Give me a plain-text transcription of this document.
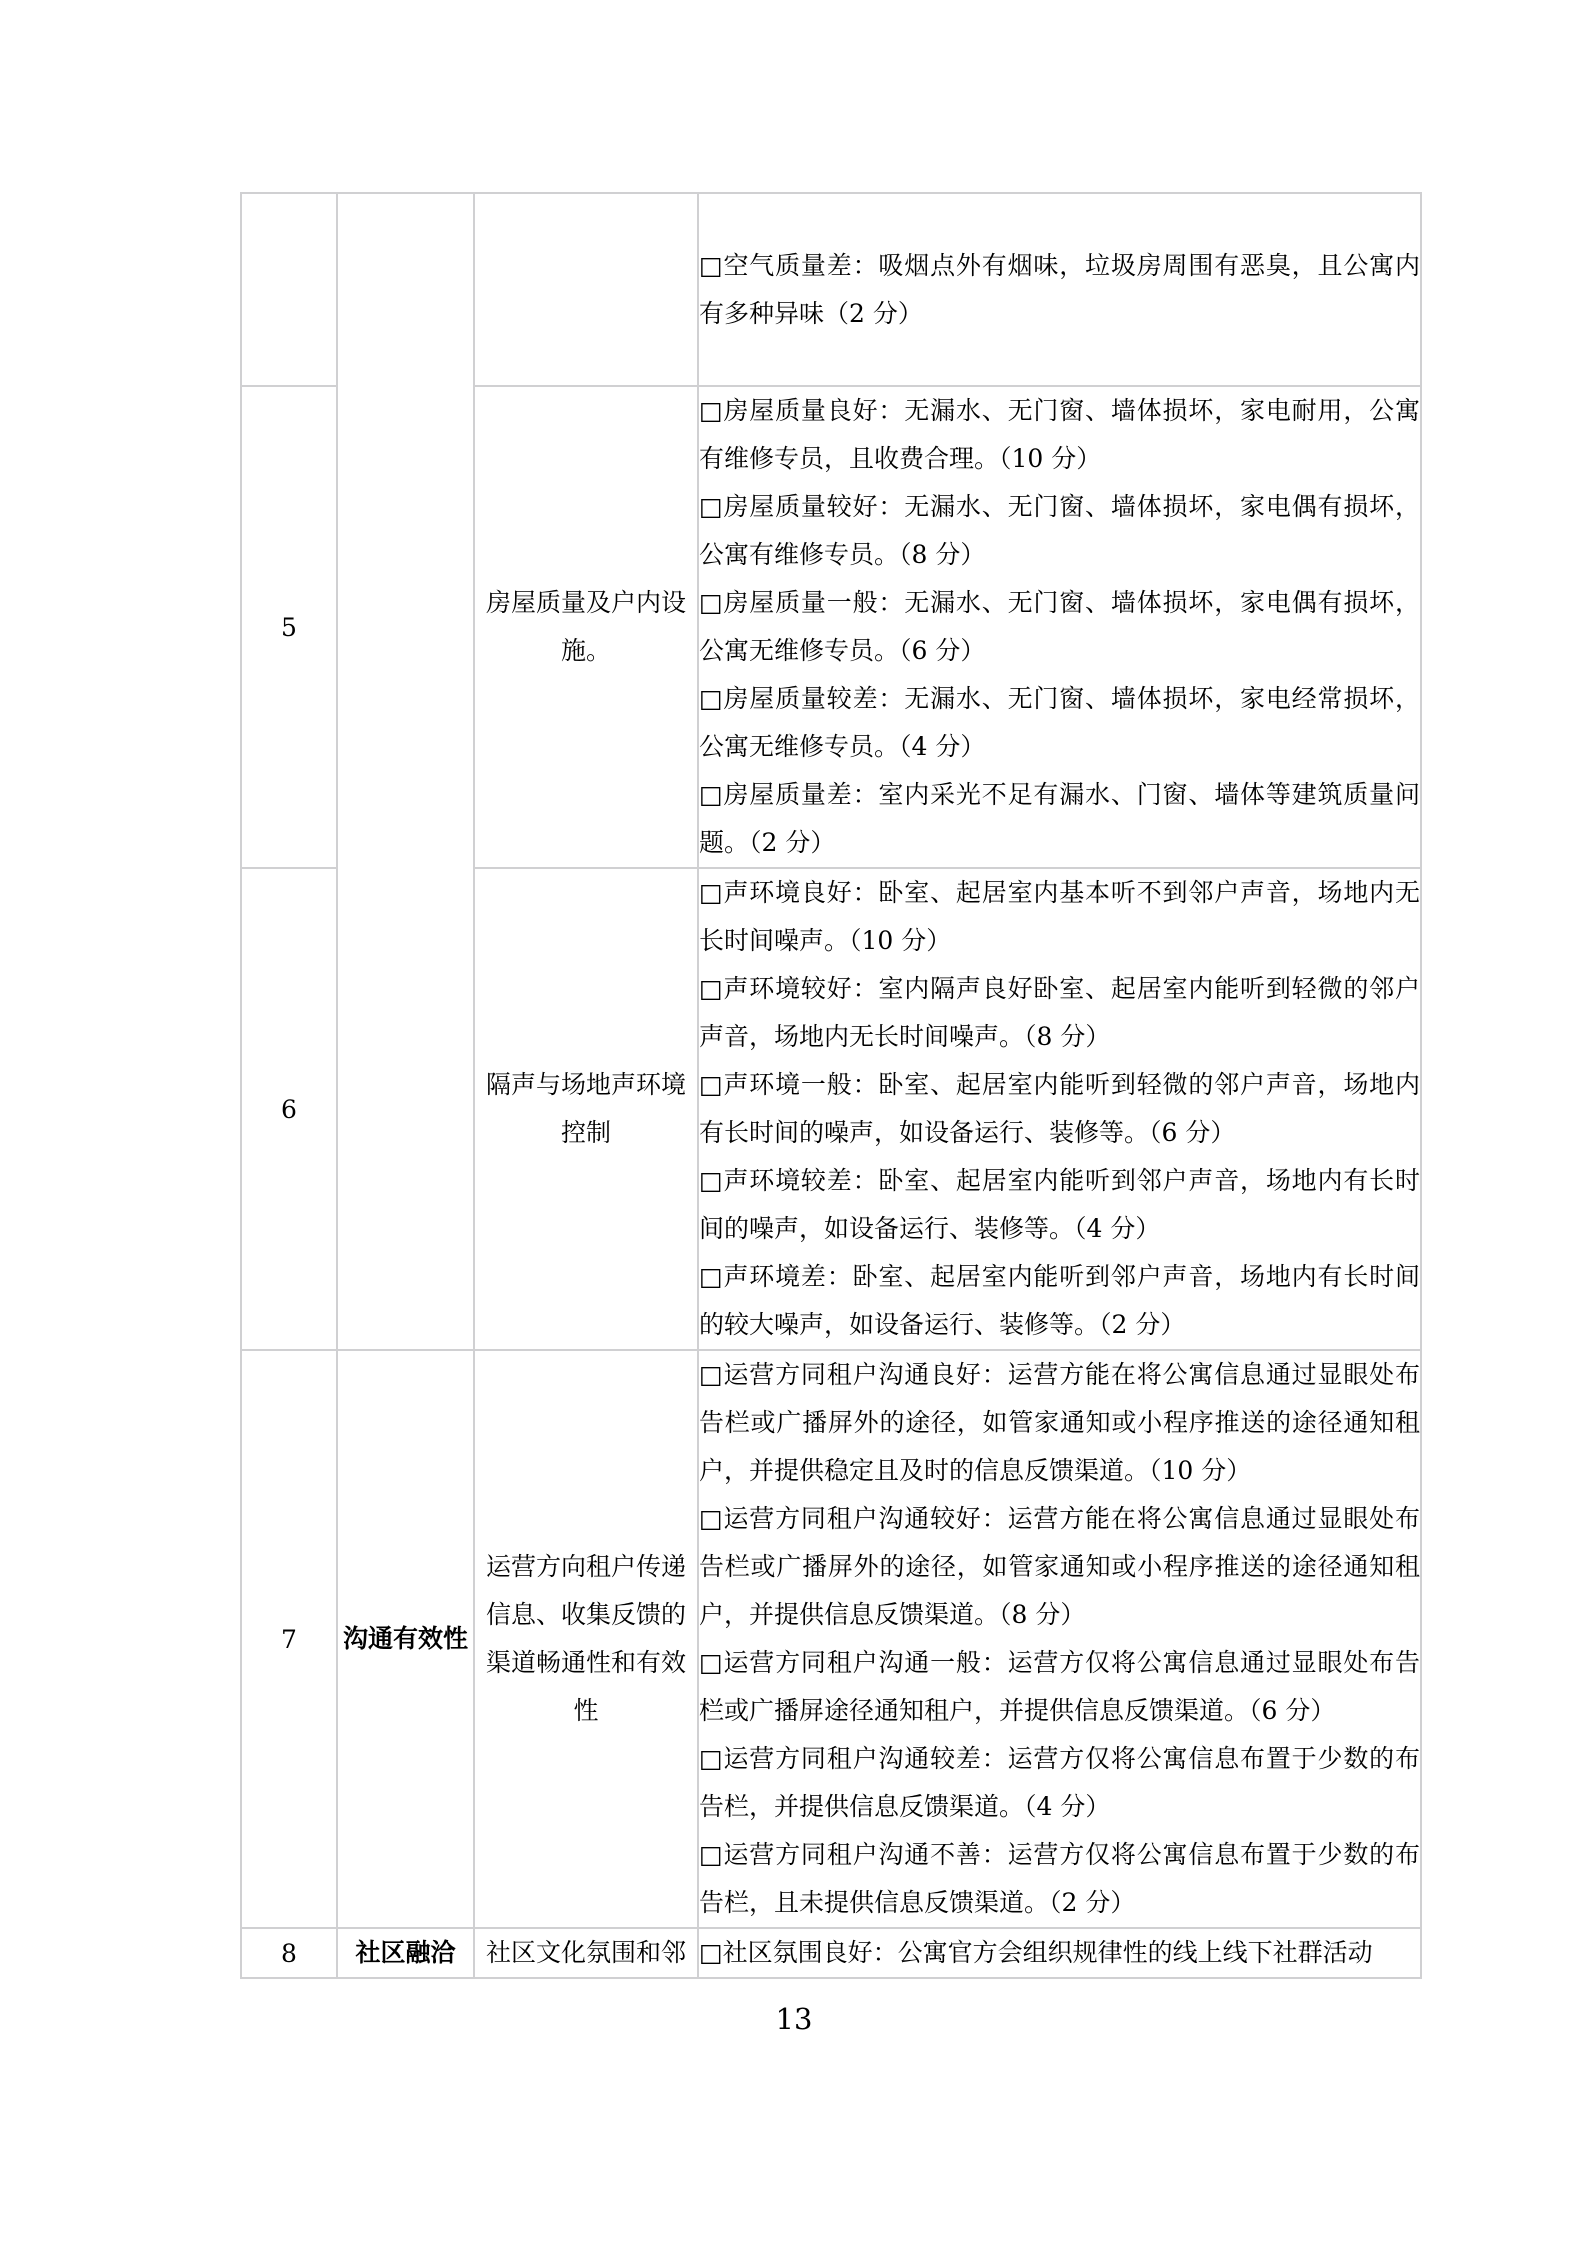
			□空气质量差：吸烟点外有烟味，垃圾房周围有恶臭，且公寓内有多种异味（2 分）

5		房屋质量及户内设施。	□房屋质量良好：无漏水、无门窗、墙体损坏，家电耐用，公寓有维修专员，且收费合理。（10 分）

□房屋质量较好：无漏水、无门窗、墙体损坏，家电偶有损坏，公寓有维修专员。（8 分）

□房屋质量一般：无漏水、无门窗、墙体损坏，家电偶有损坏，公寓无维修专员。（6 分）

□房屋质量较差：无漏水、无门窗、墙体损坏，家电经常损坏，公寓无维修专员。（4 分）

□房屋质量差：室内采光不足有漏水、门窗、墙体等建筑质量问题。（2 分）

6		隔声与场地声环境控制	□声环境良好：卧室、起居室内基本听不到邻户声音，场地内无长时间噪声。（10 分）

□声环境较好：室内隔声良好卧室、起居室内能听到轻微的邻户声音，场地内无长时间噪声。（8 分）

□声环境一般：卧室、起居室内能听到轻微的邻户声音，场地内有长时间的噪声，如设备运行、装修等。（6 分）

□声环境较差：卧室、起居室内能听到邻户声音，场地内有长时间的噪声，如设备运行、装修等。（4 分）

□声环境差：卧室、起居室内能听到邻户声音，场地内有长时间的较大噪声，如设备运行、装修等。（2 分）

7	沟通有效性	运营方向租户传递信息、收集反馈的渠道畅通性和有效性	□运营方同租户沟通良好：运营方能在将公寓信息通过显眼处布告栏或广播屏外的途径，如管家通知或小程序推送的途径通知租户，并提供稳定且及时的信息反馈渠道。（10 分）

□运营方同租户沟通较好：运营方能在将公寓信息通过显眼处布告栏或广播屏外的途径，如管家通知或小程序推送的途径通知租户，并提供信息反馈渠道。（8 分）

□运营方同租户沟通一般：运营方仅将公寓信息通过显眼处布告栏或广播屏途径通知租户，并提供信息反馈渠道。（6 分）

□运营方同租户沟通较差：运营方仅将公寓信息布置于少数的布告栏，并提供信息反馈渠道。（4 分）

□运营方同租户沟通不善：运营方仅将公寓信息布置于少数的布告栏，且未提供信息反馈渠道。（2 分）

8	社区融洽	社区文化氛围和邻	□社区氛围良好：公寓官方会组织规律性的线上线下社群活动

13
